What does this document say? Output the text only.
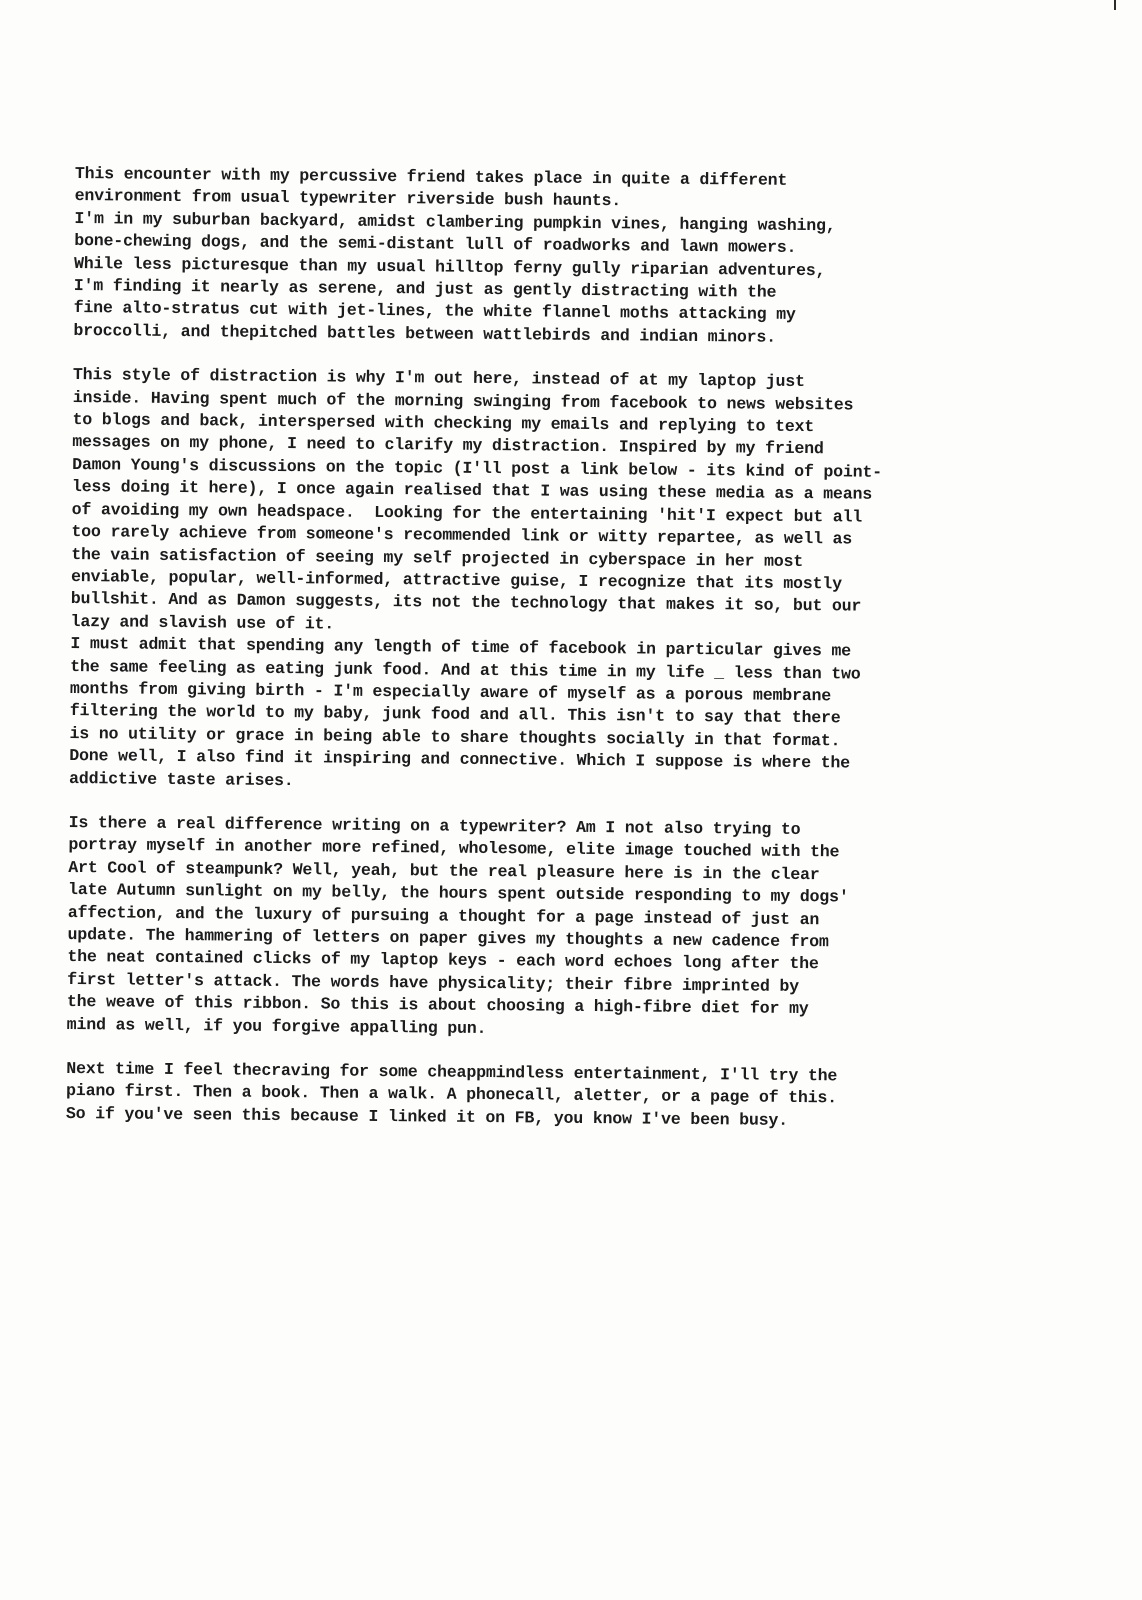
This encounter with my percussive friend takes place in quite a different
environment from usual typewriter riverside bush haunts.
I'm in my suburban backyard, amidst clambering pumpkin vines, hanging washing,
bone-chewing dogs, and the semi-distant lull of roadworks and lawn mowers.
While less picturesque than my usual hilltop ferny gully riparian adventures,
I'm finding it nearly as serene, and just as gently distracting with the
fine alto-stratus cut with jet-lines, the white flannel moths attacking my
broccolli, and thepitched battles between wattlebirds and indian minors.
This style of distraction is why I'm out here, instead of at my laptop just
inside. Having spent much of the morning swinging from facebook to news websites
to blogs and back, interspersed with checking my emails and replying to text
messages on my phone, I need to clarify my distraction. Inspired by my friend
Damon Young's discussions on the topic (I'll post a link below - its kind of point-
less doing it here), I once again realised that I was using these media as a means
of avoiding my own headspace.  Looking for the entertaining 'hit'I expect but all
too rarely achieve from someone's recommended link or witty repartee, as well as
the vain satisfaction of seeing my self projected in cyberspace in her most
enviable, popular, well-informed, attractive guise, I recognize that its mostly
bullshit. And as Damon suggests, its not the technology that makes it so, but our
lazy and slavish use of it.
I must admit that spending any length of time of facebook in particular gives me
the same feeling as eating junk food. And at this time in my life _ less than two
months from giving birth - I'm especially aware of myself as a porous membrane
filtering the world to my baby, junk food and all. This isn't to say that there
is no utility or grace in being able to share thoughts socially in that format.
Done well, I also find it inspiring and connective. Which I suppose is where the
addictive taste arises.
Is there a real difference writing on a typewriter? Am I not also trying to
portray myself in another more refined, wholesome, elite image touched with the
Art Cool of steampunk? Well, yeah, but the real pleasure here is in the clear
late Autumn sunlight on my belly, the hours spent outside responding to my dogs'
affection, and the luxury of pursuing a thought for a page instead of just an
update. The hammering of letters on paper gives my thoughts a new cadence from
the neat contained clicks of my laptop keys - each word echoes long after the
first letter's attack. The words have physicality; their fibre imprinted by
the weave of this ribbon. So this is about choosing a high-fibre diet for my
mind as well, if you forgive appalling pun.
Next time I feel thecraving for some cheappmindless entertainment, I'll try the
piano first. Then a book. Then a walk. A phonecall, aletter, or a page of this.
So if you've seen this because I linked it on FB, you know I've been busy.
